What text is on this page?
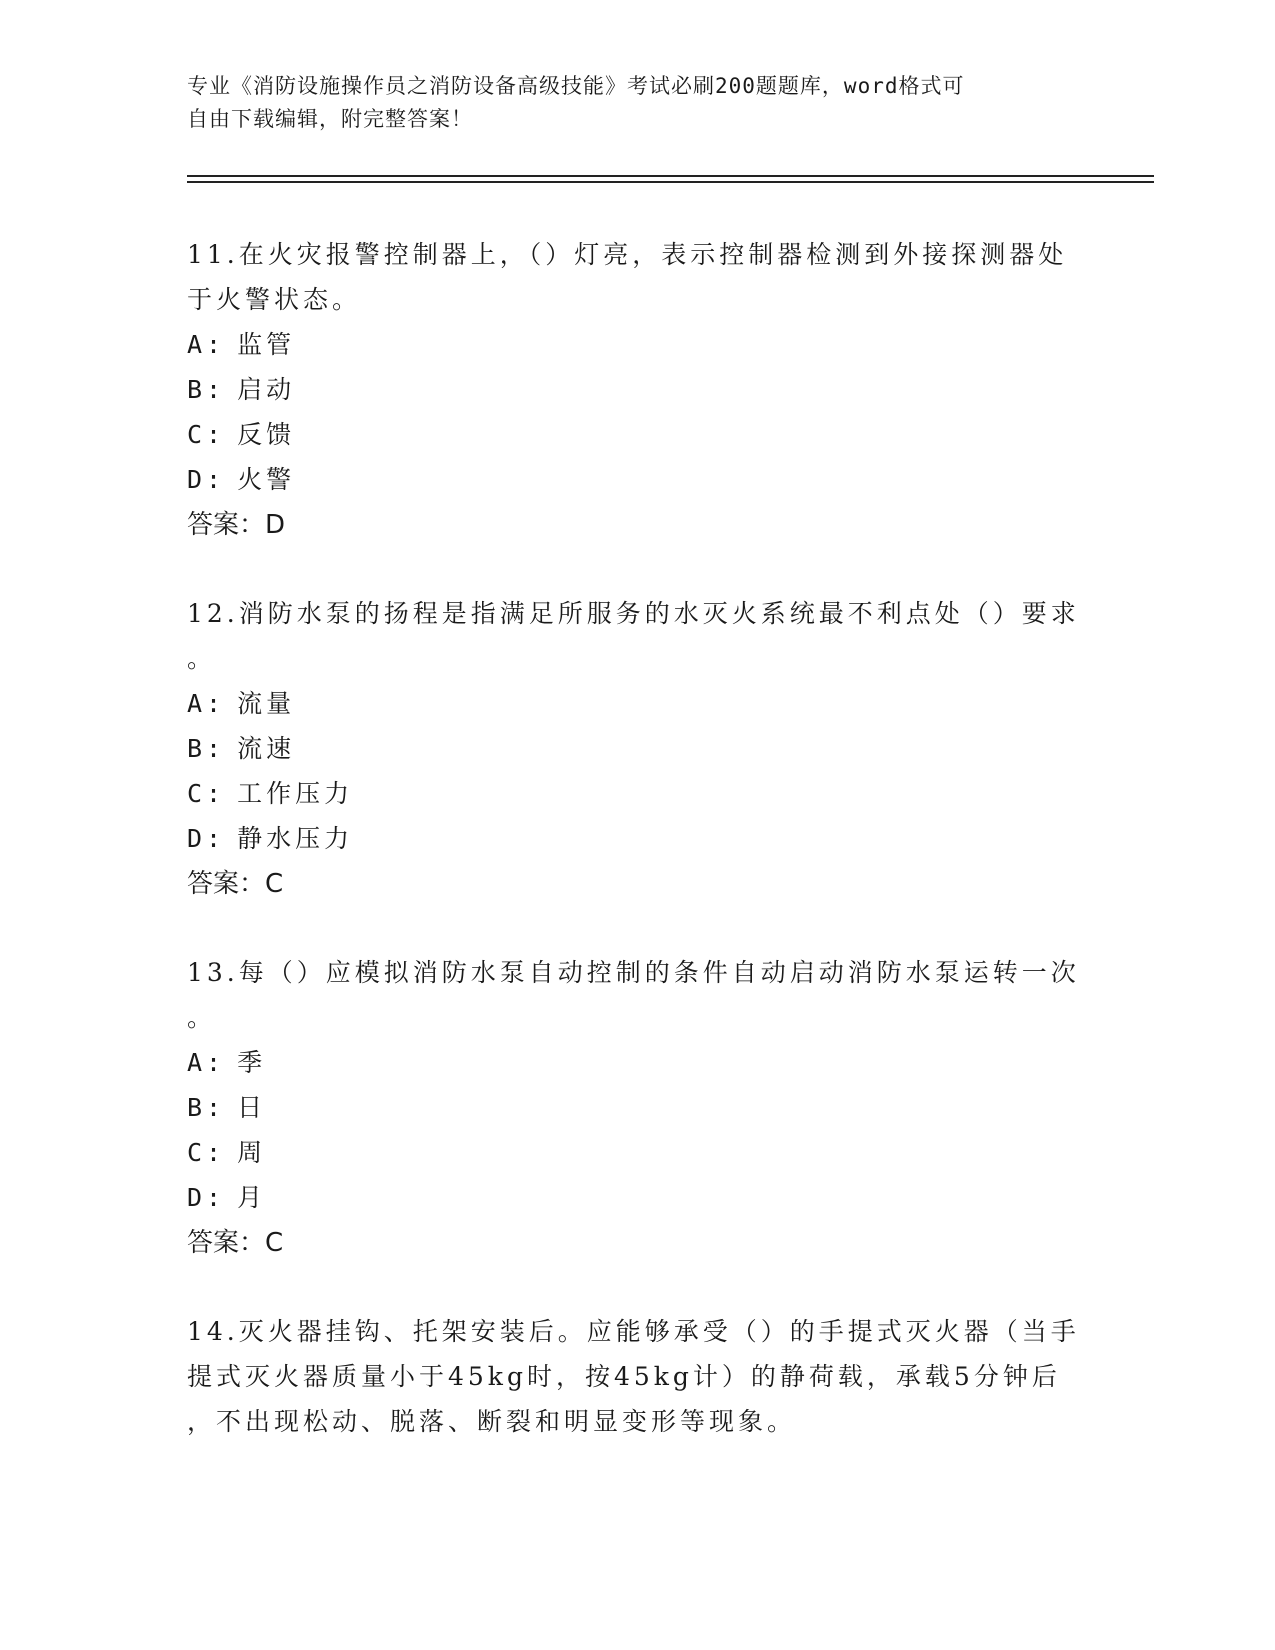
专业《消防设施操作员之消防设备高级技能》考试必刷200题题库，word格式可
自由下载编辑，附完整答案！
11.在火灾报警控制器上，（）灯亮，表示控制器检测到外接探测器处
于火警状态。
A: 监管
B: 启动
C: 反馈
D: 火警
答案：D
12.消防水泵的扬程是指满足所服务的水灭火系统最不利点处（）要求
。
A: 流量
B: 流速
C: 工作压力
D: 静水压力
答案：C
13.每（）应模拟消防水泵自动控制的条件自动启动消防水泵运转一次
。
A: 季
B: 日
C: 周
D: 月
答案：C
14.灭火器挂钩、托架安装后。应能够承受（）的手提式灭火器（当手
提式灭火器质量小于45kg时，按45kg计）的静荷载，承载5分钟后
，不出现松动、脱落、断裂和明显变形等现象。
